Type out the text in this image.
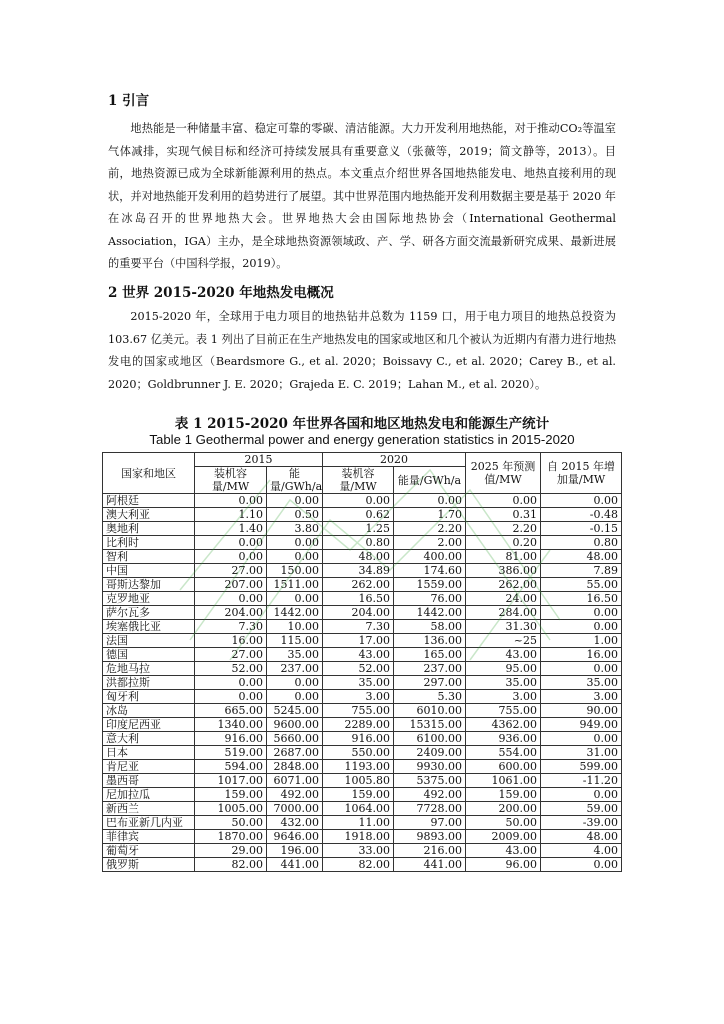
1 引言

地热能是一种储量丰富、稳定可靠的零碳、清洁能源。大力开发利用地热能，对于推动CO₂等温室气体减排，实现气候目标和经济可持续发展具有重要意义（张薇等，2019；简文静等，2013）。目前，地热资源已成为全球新能源利用的热点。本文重点介绍世界各国地热能发电、地热直接利用的现状，并对地热能开发利用的趋势进行了展望。其中世界范围内地热能开发利用数据主要是基于 2020 年在冰岛召开的世界地热大会。世界地热大会由国际地热协会（International Geothermal Association，IGA）主办，是全球地热资源领域政、产、学、研各方面交流最新研究成果、最新进展的重要平台（中国科学报，2019）。

2 世界 2015-2020 年地热发电概况

2015-2020 年，全球用于电力项目的地热钻井总数为 1159 口，用于电力项目的地热总投资为 103.67 亿美元。表 1 列出了目前正在生产地热发电的国家或地区和几个被认为近期内有潜力进行地热发电的国家或地区（Beardsmore G., et al. 2020；Boissavy C., et al. 2020；Carey B., et al. 2020；Goldbrunner J. E. 2020；Grajeda E. C. 2019；Lahan M., et al. 2020）。

表 1 2015-2020 年世界各国和地区地热发电和能源生产统计
Table 1 Geothermal power and energy generation statistics in 2015-2020
国家和地区	2015		2020		2025 年预测值/MW	自 2015 年增加量/MW
	装机容量/MW	能量/GWh/a	装机容量/MW	能量/GWh/a		
阿根廷	0.00	0.00	0.00	0.00	0.00	0.00
澳大利亚	1.10	0.50	0.62	1.70	0.31	-0.48
奥地利	1.40	3.80	1.25	2.20	2.20	-0.15
比利时	0.00	0.00	0.80	2.00	0.20	0.80
智利	0.00	0.00	48.00	400.00	81.00	48.00
中国	27.00	150.00	34.89	174.60	386.00	7.89
哥斯达黎加	207.00	1511.00	262.00	1559.00	262.00	55.00
克罗地亚	0.00	0.00	16.50	76.00	24.00	16.50
萨尔瓦多	204.00	1442.00	204.00	1442.00	284.00	0.00
埃塞俄比亚	7.30	10.00	7.30	58.00	31.30	0.00
法国	16.00	115.00	17.00	136.00	~25	1.00
德国	27.00	35.00	43.00	165.00	43.00	16.00
危地马拉	52.00	237.00	52.00	237.00	95.00	0.00
洪都拉斯	0.00	0.00	35.00	297.00	35.00	35.00
匈牙利	0.00	0.00	3.00	5.30	3.00	3.00
冰岛	665.00	5245.00	755.00	6010.00	755.00	90.00
印度尼西亚	1340.00	9600.00	2289.00	15315.00	4362.00	949.00
意大利	916.00	5660.00	916.00	6100.00	936.00	0.00
日本	519.00	2687.00	550.00	2409.00	554.00	31.00
肯尼亚	594.00	2848.00	1193.00	9930.00	600.00	599.00
墨西哥	1017.00	6071.00	1005.80	5375.00	1061.00	-11.20
尼加拉瓜	159.00	492.00	159.00	492.00	159.00	0.00
新西兰	1005.00	7000.00	1064.00	7728.00	200.00	59.00
巴布亚新几内亚	50.00	432.00	11.00	97.00	50.00	-39.00
菲律宾	1870.00	9646.00	1918.00	9893.00	2009.00	48.00
葡萄牙	29.00	196.00	33.00	216.00	43.00	4.00
俄罗斯	82.00	441.00	82.00	441.00	96.00	0.00
